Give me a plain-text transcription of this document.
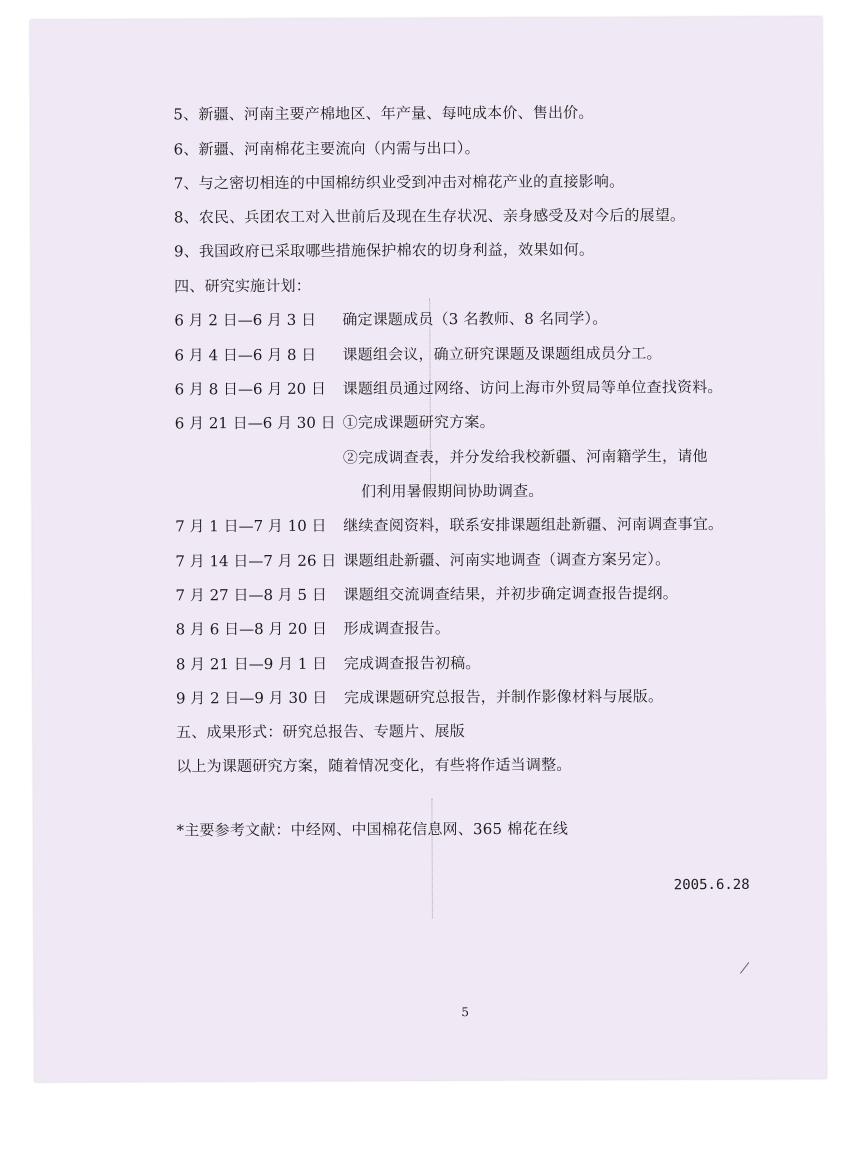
5、新疆、河南主要产棉地区、年产量、每吨成本价、售出价。
6、新疆、河南棉花主要流向（内需与出口）。
7、与之密切相连的中国棉纺织业受到冲击对棉花产业的直接影响。
8、农民、兵团农工对入世前后及现在生存状况、亲身感受及对今后的展望。
9、我国政府已采取哪些措施保护棉农的切身利益，效果如何。
四、研究实施计划：
6 月 2 日—6 月 3 日 确定课题成员（3 名教师、8 名同学）。
6 月 4 日—6 月 8 日 课题组会议，确立研究课题及课题组成员分工。
6 月 8 日—6 月 20 日 课题组员通过网络、访问上海市外贸局等单位查找资料。
6 月 21 日—6 月 30 日 ①完成课题研究方案。
②完成调查表，并分发给我校新疆、河南籍学生，请他
们利用暑假期间协助调查。
7 月 1 日—7 月 10 日 继续查阅资料，联系安排课题组赴新疆、河南调查事宜。
7 月 14 日—7 月 26 日 课题组赴新疆、河南实地调查（调查方案另定）。
7 月 27 日—8 月 5 日 课题组交流调查结果，并初步确定调查报告提纲。
8 月 6 日—8 月 20 日 形成调查报告。
8 月 21 日—9 月 1 日 完成调查报告初稿。
9 月 2 日—9 月 30 日 完成课题研究总报告，并制作影像材料与展版。
五、成果形式：研究总报告、专题片、展版
以上为课题研究方案，随着情况变化，有些将作适当调整。
*主要参考文献：中经网、中国棉花信息网、365 棉花在线
2005.6.28
5
